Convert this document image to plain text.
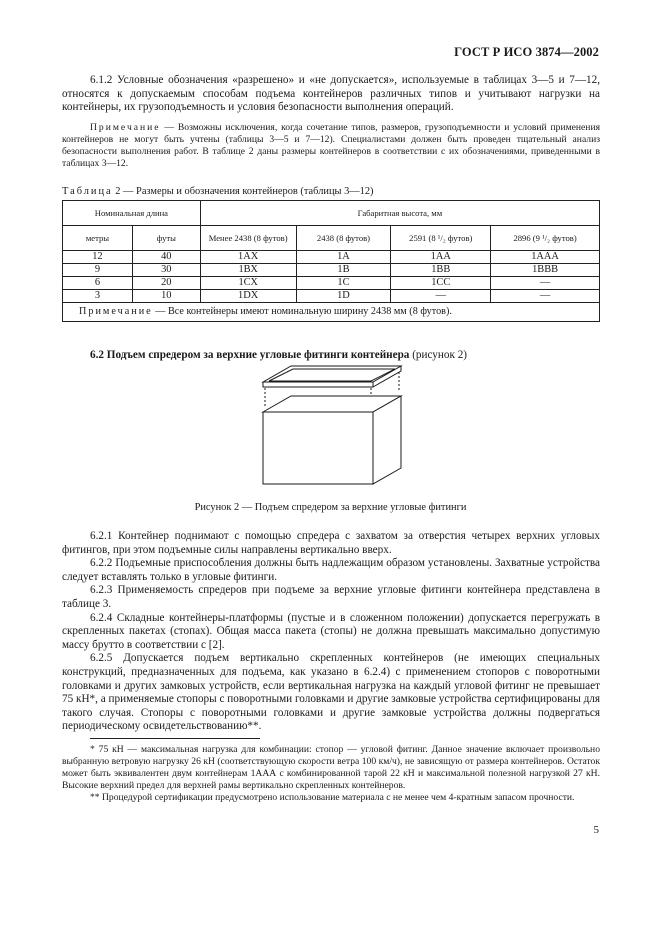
ГОСТ Р ИСО 3874—2002

6.1.2 Условные обозначения «разрешено» и «не допускается», используемые в таблицах 3—5 и 7—12, относятся к допускаемым способам подъема контейнеров различных типов и учитывают нагрузки на контейнеры, их грузоподъемность и условия безопасности выполнения операций.

Примечание — Возможны исключения, когда сочетание типов, размеров, грузоподъемности и условий применения контейнеров не могут быть учтены (таблицы 3—5 и 7—12). Специалистами должен быть проведен тщательный анализ безопасности выполнения работ. В таблице 2 даны размеры контейнеров в соответствии с их обозначениями, приведенными в таблицах 3—12.

Таблица 2 — Размеры и обозначения контейнеров (таблицы 3—12)
Номинальная длина		Габаритная высота, мм			
метры	футы	Менее 2438 (8 футов)	2438 (8 футов)	2591 (8 ¹/₂ футов)	2896 (9 ¹/₂ футов)
12	40	1АХ	1А	1АА	1ААА
9	30	1ВХ	1В	1ВВ	1ВВВ
6	20	1СХ	1С	1СС	—
3	10	1DX	1D	—	—
Примечание — Все контейнеры имеют номинальную ширину 2438 мм (8 футов).					
6.2 Подъем спредером за верхние угловые фитинги контейнера (рисунок 2)
Рисунок 2 — Подъем спредером за верхние угловые фитинги

6.2.1 Контейнер поднимают с помощью спредера с захватом за отверстия четырех верхних угловых фитингов, при этом подъемные силы направлены вертикально вверх.

6.2.2 Подъемные приспособления должны быть надлежащим образом установлены. Захватные устройства следует вставлять только в угловые фитинги.

6.2.3 Применяемость спредеров при подъеме за верхние угловые фитинги контейнера представлена в таблице 3.

6.2.4 Складные контейнеры-платформы (пустые и в сложенном положении) допускается перегружать в скрепленных пакетах (стопах). Общая масса пакета (стопы) не должна превышать максимально допустимую массу брутто в соответствии с [2].

6.2.5 Допускается подъем вертикально скрепленных контейнеров (не имеющих специальных конструкций, предназначенных для подъема, как указано в 6.2.4) с применением стопоров с поворотными головками и других замковых устройств, если вертикальная нагрузка на каждый угловой фитинг не превышает 75 кН*, а применяемые стопоры с поворотными головками и другие замковые устройства сертифицированы для такого случая. Стопоры с поворотными головками и другие замковые устройства должны подвергаться периодическому освидетельствованию**.

* 75 кН — максимальная нагрузка для комбинации: стопор — угловой фитинг. Данное значение включает произвольно выбранную ветровую нагрузку 26 кН (соответствующую скорости ветра 100 км/ч), не зависящую от размера контейнеров. Остаток может быть эквивалентен двум контейнерам 1ААА с комбинированной тарой 22 кН и максимальной полезной нагрузкой 27 кН. Высокие верхний предел для верхней рамы вертикально скрепленных контейнеров.

** Процедурой сертификации предусмотрено использование материала с не менее чем 4-кратным запасом прочности.

5
